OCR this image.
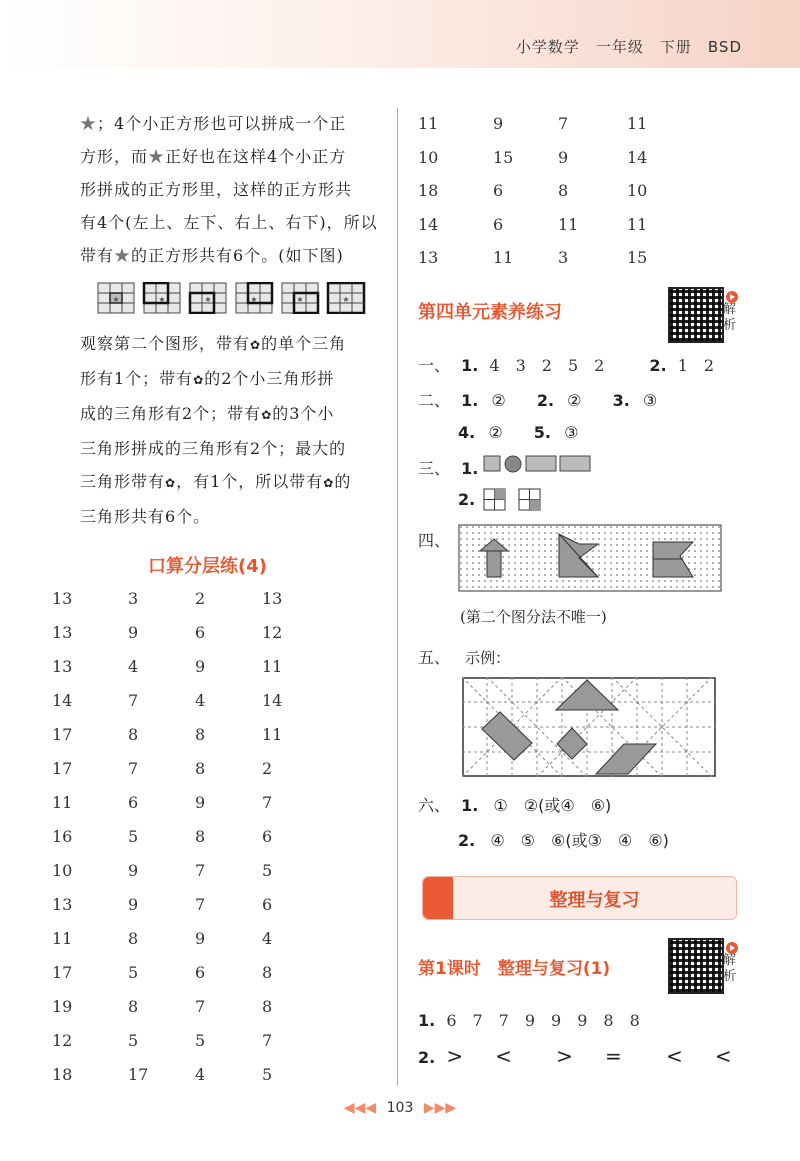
小学数学　一年级　下册　BSD
★；4个小正方形也可以拼成一个正
方形，而★正好也在这样4个小正方
形拼成的正方形里，这样的正方形共
有4个(左上、左下、右上、右下)，所以
带有★的正方形共有6个。(如下图)
★	★	★	★	★	★
观察第二个图形，带有✿的单个三角
形有1个；带有✿的2个小三角形拼
成的三角形有2个；带有✿的3个小
三角形拼成的三角形有2个；最大的
三角形带有✿，有1个，所以带有✿的
三角形共有6个。
口算分层练(4)
13	3	2	13
13	9	6	12
13	4	9	11
14	7	4	14
17	8	8	11
17	7	8	2
11	6	9	7
16	5	8	6
10	9	7	5
13	9	7	6
11	8	9	4
17	5	6	8
19	8	7	8
12	5	5	7
18	17	4	5
11	9	7	11
10	15	9	14
18	6	8	10
14	6	11	11
13	11	3	15
第四单元素养练习	解析
一、 1. 4　3　2　5　2	2. 1　2
二、 1. ② 2. ② 3. ③
4. ② 5. ③
三、 1.
2.
四、
(第二个图分法不唯一)
五、 示例：
六、 1. ①　②(或④　⑥)
2. ④　⑤　⑥(或③　④　⑥)
整理与复习
第1课时　整理与复习(1)	解析
1. 6　7　7　9　9　9　8　8
2. >　<　 >　=　 <　<
◀◀◀ 103 ▶▶▶
